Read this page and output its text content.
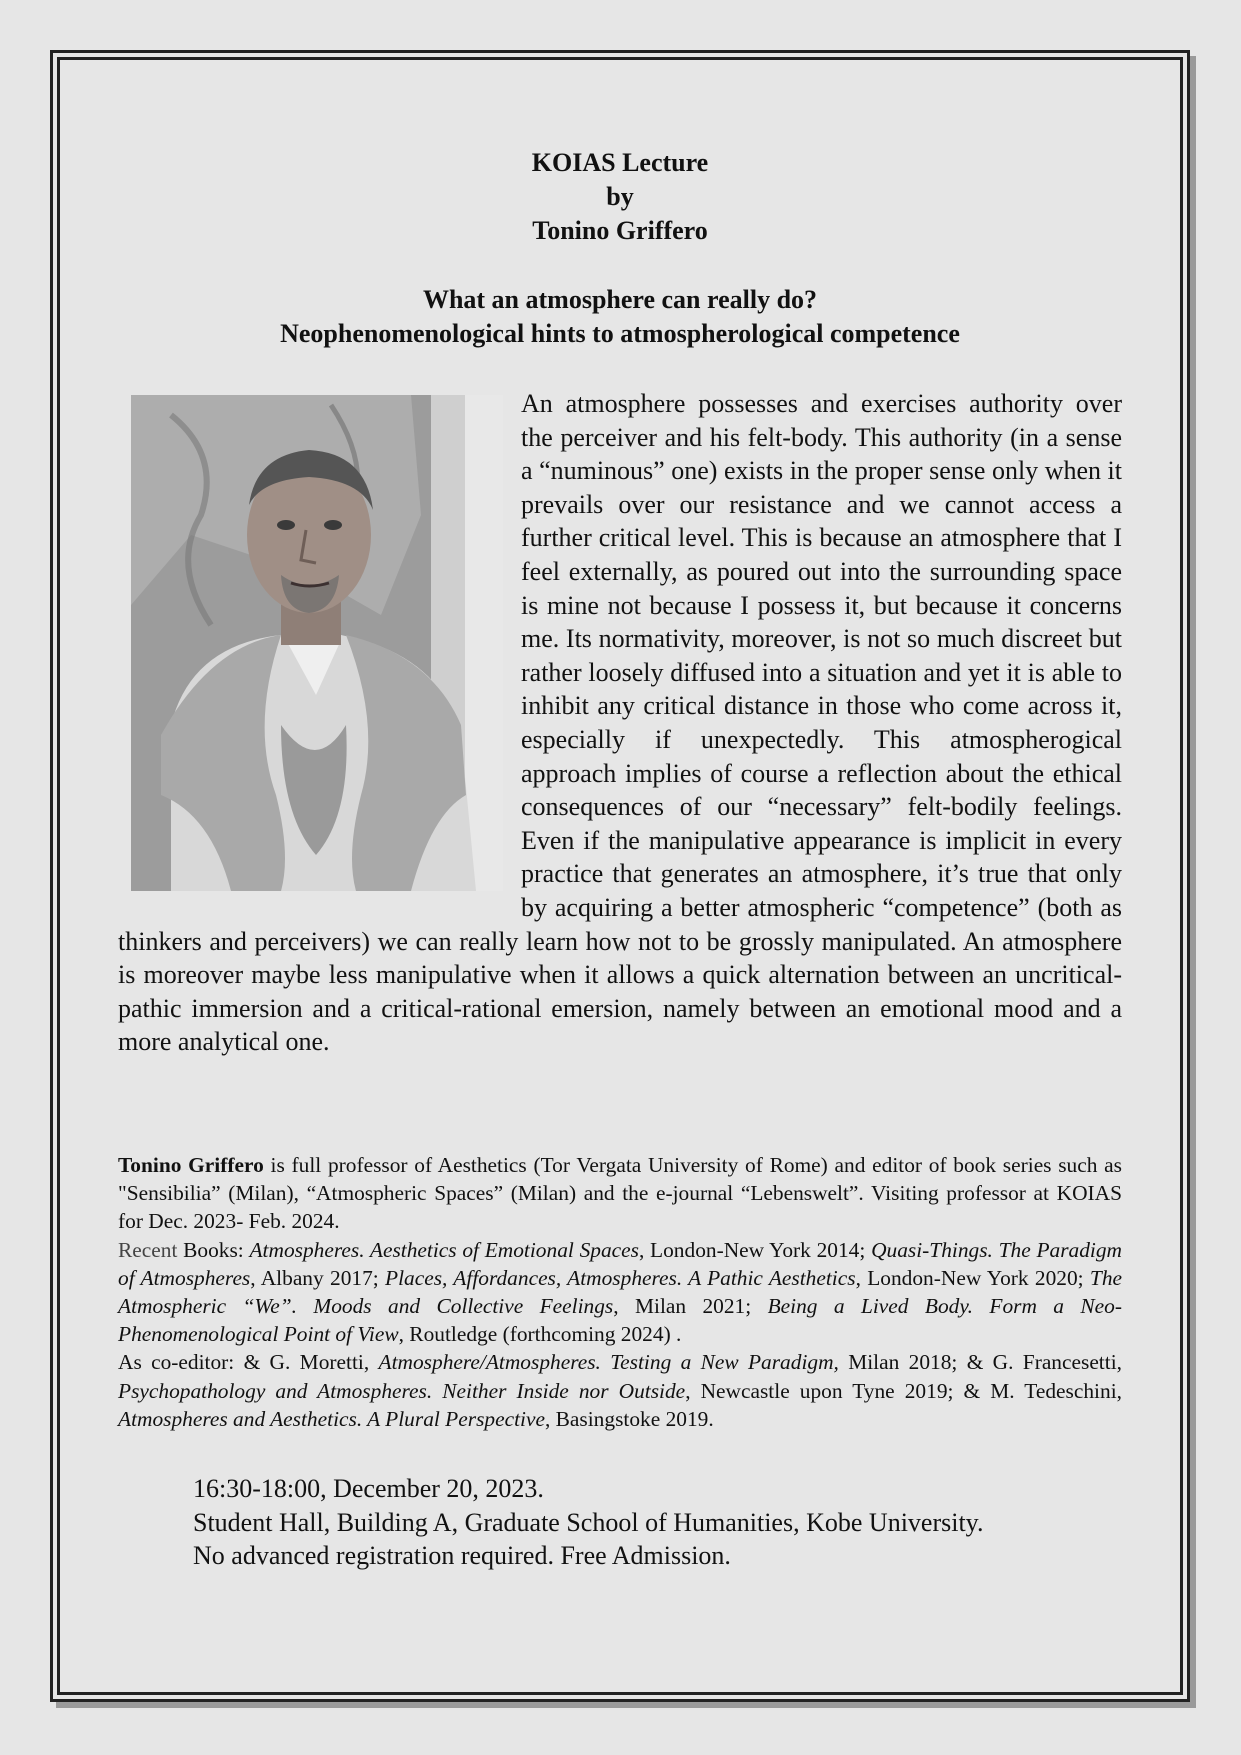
KOIAS Lecture
by
Tonino Griffero
What an atmosphere can really do?
Neophenomenological hints to atmospherological competence
An atmosphere possesses and exercises authority over the perceiver and his felt-body. This authority (in a sense a “numinous” one) exists in the proper sense only when it prevails over our resistance and we cannot access a further critical level. This is because an atmosphere that I feel externally, as poured out into the surrounding space is mine not because I possess it, but because it concerns me. Its normativity, moreover, is not so much discreet but rather loosely diffused into a situation and yet it is able to inhibit any critical distance in those who come across it, especially if unexpectedly. This atmospherogical approach implies of course a reflection about the ethical consequences of our “necessary” felt-bodily feelings. Even if the manipulative appearance is implicit in every practice that generates an atmosphere, it’s true that only by acquiring a better atmospheric “competence” (both as thinkers and perceivers) we can really learn how not to be grossly manipulated. An atmosphere is moreover maybe less manipulative when it allows a quick alternation between an uncritical-pathic immersion and a critical-rational emersion, namely between an emotional mood and a more analytical one.

Tonino Griffero is full professor of Aesthetics (Tor Vergata University of Rome) and editor of book series such as "Sensibilia” (Milan), “Atmospheric Spaces” (Milan) and the e-journal “Lebenswelt”. Visiting professor at KOIAS for Dec. 2023- Feb. 2024.

Recent Books: Atmospheres. Aesthetics of Emotional Spaces, London-New York 2014; Quasi-Things. The Paradigm of Atmospheres, Albany 2017; Places, Affordances, Atmospheres. A Pathic Aesthetics, London-New York 2020; The Atmospheric “We”. Moods and Collective Feelings, Milan 2021; Being a Lived Body. Form a Neo-Phenomenological Point of View, Routledge (forthcoming 2024) .

As co-editor: & G. Moretti, Atmosphere/Atmospheres. Testing a New Paradigm, Milan 2018; & G. Francesetti, Psychopathology and Atmospheres. Neither Inside nor Outside, Newcastle upon Tyne 2019; & M. Tedeschini, Atmospheres and Aesthetics. A Plural Perspective, Basingstoke 2019.

16:30-18:00, December 20, 2023.
Student Hall, Building A, Graduate School of Humanities, Kobe University.
No advanced registration required. Free Admission.
